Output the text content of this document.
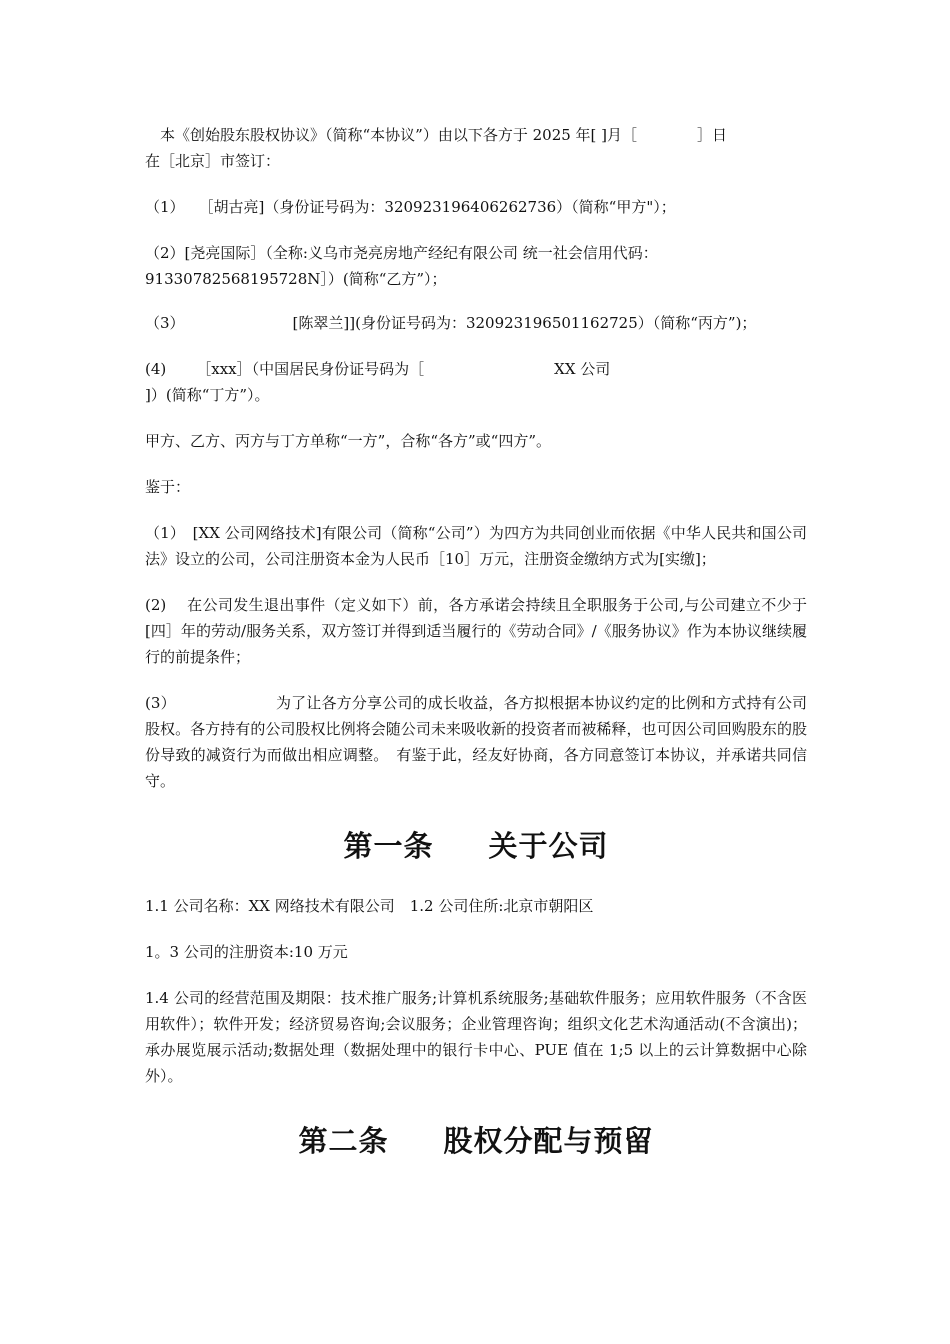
　本《创始股东股权协议》（简称“本协议”）由以下各方于 2025 年[ ]月［	］日
在［北京］市签订：

（1） ［胡古亮]（身份证号码为：320923196406262736）（简称“甲方"）；

（2）[尧亮国际］（全称:义乌市尧亮房地产经纪有限公司 统一社会信用代码：
91330782568195728N］）(简称“乙方”）；

（3）	[陈翠兰]](身份证号码为：320923196501162725）（简称“丙方”)；

(4) ［xxx］（中国居民身份证号码为［	XX 公司
]）(简称“丁方”）。

甲方、乙方、丙方与丁方单称“一方”，合称“各方”或“四方”。

鉴于：

（1）　[XX 公司网络技术]有限公司（简称“公司”）为四方为共同创业而依据《中华人民共和国公司法》设立的公司，公司注册资本金为人民币［10］万元，注册资金缴纳方式为[实缴]；

(2)　 在公司发生退出事件（定义如下）前，各方承诺会持续且全职服务于公司,与公司建立不少于[四］年的劳动/服务关系，双方签订并得到适当履行的《劳动合同》/《服务协议》作为本协议继续履行的前提条件；

(3）	为了让各方分享公司的成长收益，各方拟根据本协议约定的比例和方式持有公司股权。各方持有的公司股权比例将会随公司未来吸收新的投资者而被稀释，也可因公司回购股东的股份导致的减资行为而做出相应调整。　有鉴于此，经友好协商，各方同意签订本协议，并承诺共同信守。

第一条 关于公司

1.1 公司名称：XX 网络技术有限公司　1.2 公司住所:北京市朝阳区

1。3 公司的注册资本:10 万元

1.4 公司的经营范围及期限：技术推广服务;计算机系统服务;基础软件服务；应用软件服务（不含医用软件）；软件开发；经济贸易咨询;会议服务；企业管理咨询；组织文化艺术沟通活动(不含演出)；承办展览展示活动;数据处理（数据处理中的银行卡中心、PUE 值在 1;5 以上的云计算数据中心除外）。

第二条 股权分配与预留
